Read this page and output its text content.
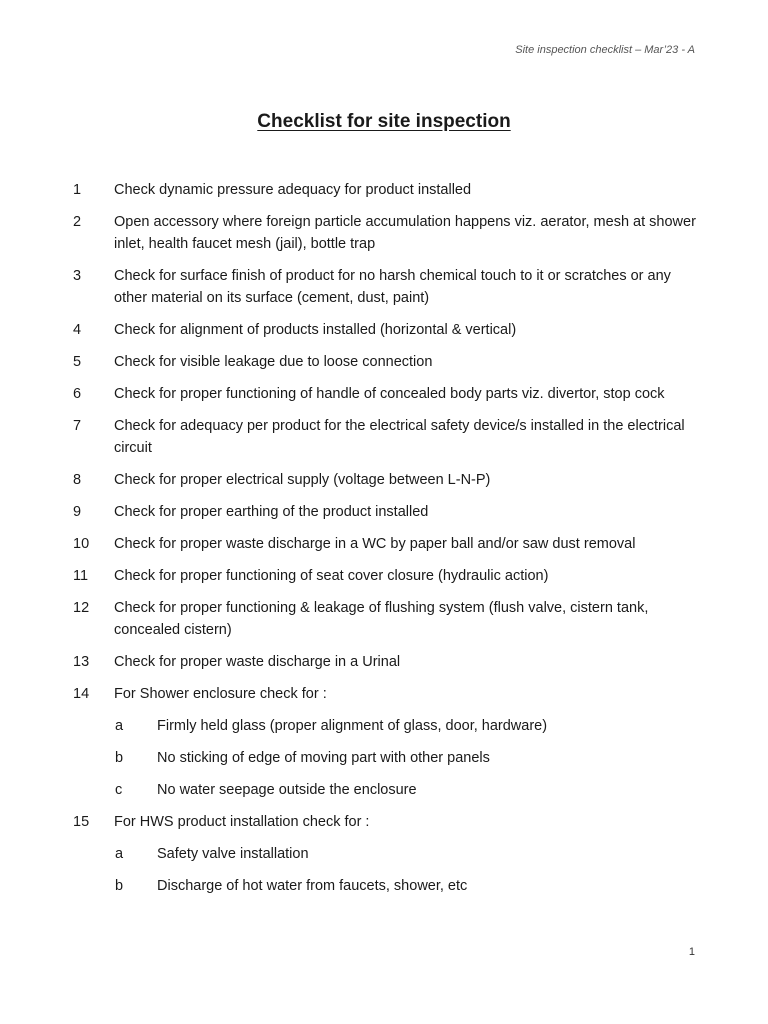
Site inspection checklist – Mar’23 - A
Checklist for site inspection
1 Check dynamic pressure adequacy for product installed
2 Open accessory where foreign particle accumulation happens viz. aerator, mesh at shower inlet, health faucet mesh (jail), bottle trap
3 Check for surface finish of product for no harsh chemical touch to it or scratches or any other material on its surface (cement, dust, paint)
4 Check for alignment of products installed (horizontal & vertical)
5 Check for visible leakage due to loose connection
6 Check for proper functioning of handle of concealed body parts viz. divertor, stop cock
7 Check for adequacy per product for the electrical safety device/s installed in the electrical circuit
8 Check for proper electrical supply (voltage between L-N-P)
9 Check for proper earthing of the product installed
10 Check for proper waste discharge in a WC by paper ball and/or saw dust removal
11 Check for proper functioning of seat cover closure (hydraulic action)
12 Check for proper functioning & leakage of flushing system (flush valve, cistern tank, concealed cistern)
13 Check for proper waste discharge in a Urinal
14 For Shower enclosure check for :
a Firmly held glass (proper alignment of glass, door, hardware)
b No sticking of edge of moving part with other panels
c No water seepage outside the enclosure
15 For HWS product installation check for :
a Safety valve installation
b Discharge of hot water from faucets, shower, etc
1
